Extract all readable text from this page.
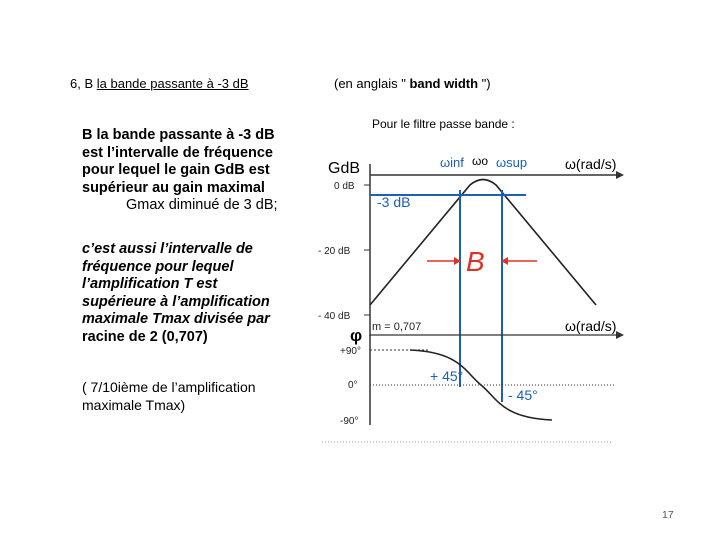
6, B la bande passante à -3 dB	(en anglais " band width ")
Pour le filtre passe bande :
B la bande passante à -3 dB
est l’intervalle de fréquence
pour lequel le gain GdB est
supérieur au gain maximal
Gmax diminué de 3 dB;
c’est aussi l’intervalle de
fréquence pour lequel
l’amplification T est
supérieure à l’amplification
maximale Tmax divisée par
racine de 2 (0,707)
( 7/10ième de l’amplification
maximale Tmax)
GdB
0 dB
- 20 dB
- 40 dB
ωinf ωo ωsup	ω(rad/s)
-3 dB
B
m = 0,707	ω(rad/s)
φ
+90°
0°
-90°
+ 45°
- 45°
17
